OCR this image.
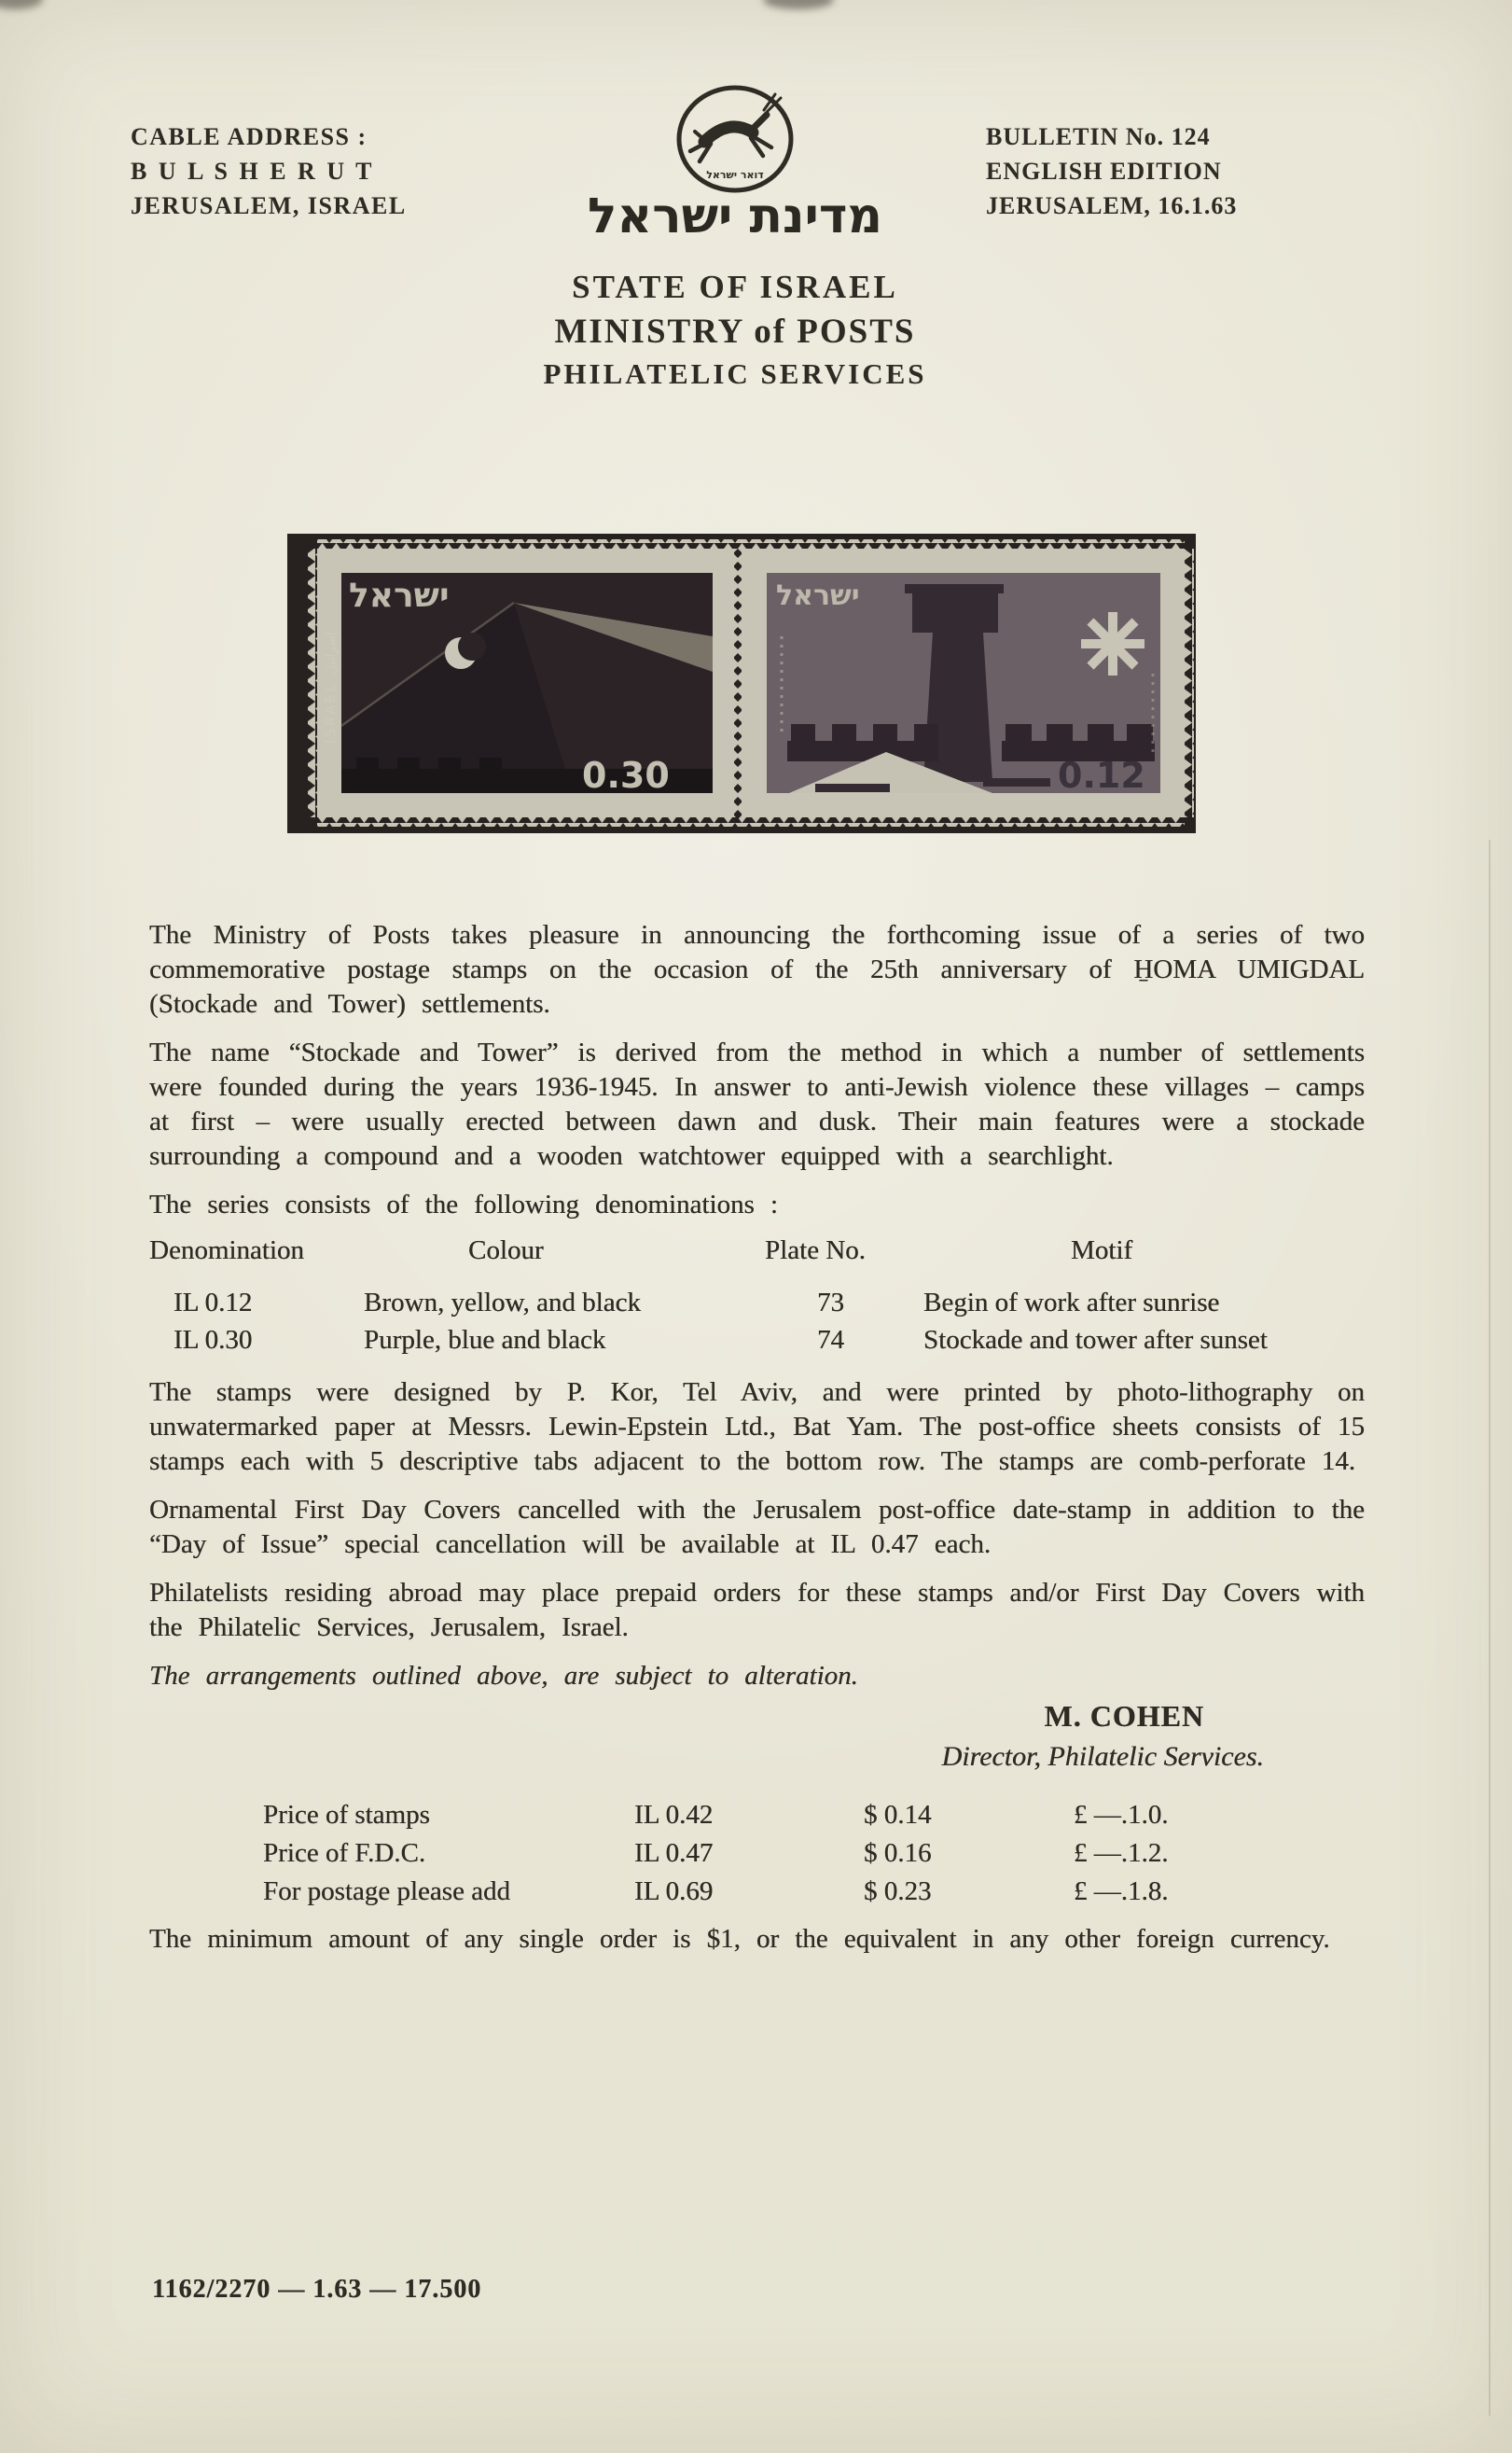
CABLE ADDRESS :
B U L S H E R U T
JERUSALEM, ISRAEL
BULLETIN No. 124
ENGLISH EDITION
JERUSALEM, 16.1.63
דואר ישראל
מדינת ישראל
STATE OF ISRAEL
MINISTRY of POSTS
PHILATELIC SERVICES
ישראל
ISRAEL إسرائيل
0.30
ישראל
0.12

The Ministry of Posts takes pleasure in announcing the forthcoming issue of a series of two commemorative postage stamps on the occasion of the 25th anniversary of H̱OMA UMIGDAL (Stockade and Tower) settlements.

The name “Stockade and Tower” is derived from the method in which a number of settlements were founded during the years 1936-1945. In answer to anti-Jewish violence these villages – camps at first – were usually erected between dawn and dusk. Their main features were a stockade surrounding a compound and a wooden watchtower equipped with a searchlight.

The series consists of the following denominations :

Denomination	Colour	Plate No.	Motif
IL 0.12	Brown, yellow, and black	73	Begin of work after sunrise
IL 0.30	Purple, blue and black	74	Stockade and tower after sunset

The stamps were designed by P. Kor, Tel Aviv, and were printed by photo-lithography on unwatermarked paper at Messrs. Lewin-Epstein Ltd., Bat Yam. The post-office sheets consists of 15 stamps each with 5 descriptive tabs adjacent to the bottom row. The stamps are comb-perforate 14.

Ornamental First Day Covers cancelled with the Jerusalem post-office date-stamp in addition to the “Day of Issue” special cancellation will be available at IL 0.47 each.

Philatelists residing abroad may place prepaid orders for these stamps and/or First Day Covers with the Philatelic Services, Jerusalem, Israel.

The arrangements outlined above, are subject to alteration.

M. COHEN
Director, Philatelic Services.
Price of stamps	IL 0.42	$ 0.14	£ —.1.0.
Price of F.D.C.	IL 0.47	$ 0.16	£ —.1.2.
For postage please add	IL 0.69	$ 0.23	£ —.1.8.

The minimum amount of any single order is $1, or the equivalent in any other foreign currency.

1162/2270 — 1.63 — 17.500
